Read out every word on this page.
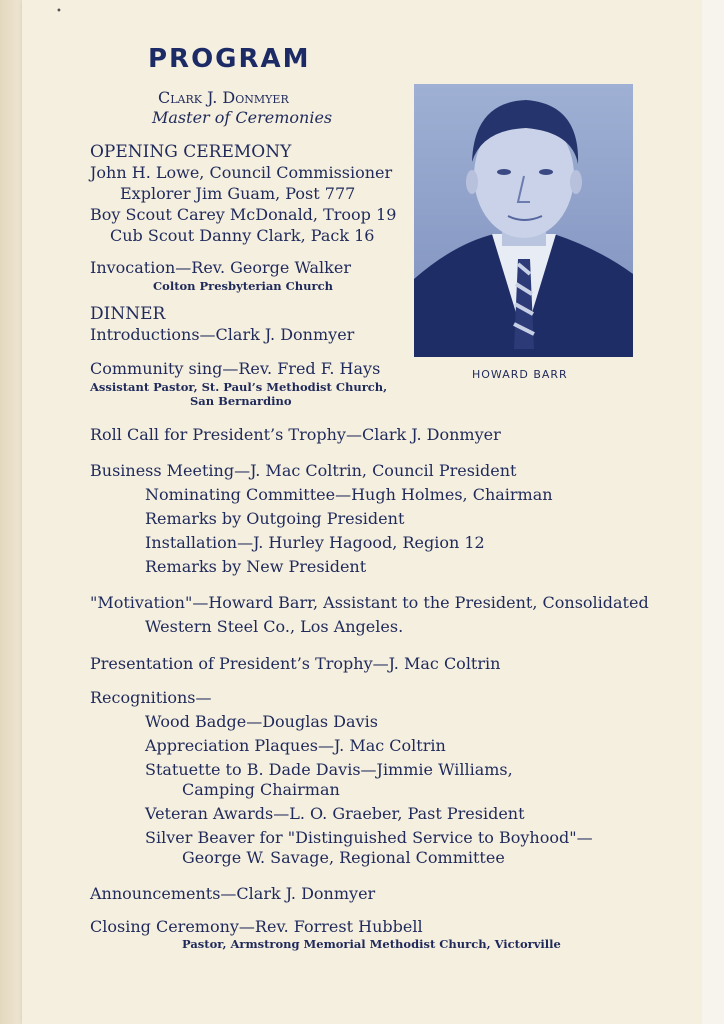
•
PROGRAM
Clark J. Donmyer
Master of Ceremonies
OPENING CEREMONY
John H. Lowe, Council Commissioner
Explorer Jim Guam, Post 777
Boy Scout Carey McDonald, Troop 19
Cub Scout Danny Clark, Pack 16
Invocation—Rev. George Walker
Colton Presbyterian Church
DINNER
Introductions—Clark J. Donmyer
Community sing—Rev. Fred F. Hays
Assistant Pastor, St. Paul’s Methodist Church,
San Bernardino
HOWARD BARR
Roll Call for President’s Trophy—Clark J. Donmyer
Business Meeting—J. Mac Coltrin, Council President
Nominating Committee—Hugh Holmes, Chairman
Remarks by Outgoing President
Installation—J. Hurley Hagood, Region 12
Remarks by New President
"Motivation"—Howard Barr, Assistant to the President, Consolidated
Western Steel Co., Los Angeles.
Presentation of President’s Trophy—J. Mac Coltrin
Recognitions—
Wood Badge—Douglas Davis
Appreciation Plaques—J. Mac Coltrin
Statuette to B. Dade Davis—Jimmie Williams,
Camping Chairman
Veteran Awards—L. O. Graeber, Past President
Silver Beaver for "Distinguished Service to Boyhood"—
George W. Savage, Regional Committee
Announcements—Clark J. Donmyer
Closing Ceremony—Rev. Forrest Hubbell
Pastor, Armstrong Memorial Methodist Church, Victorville
